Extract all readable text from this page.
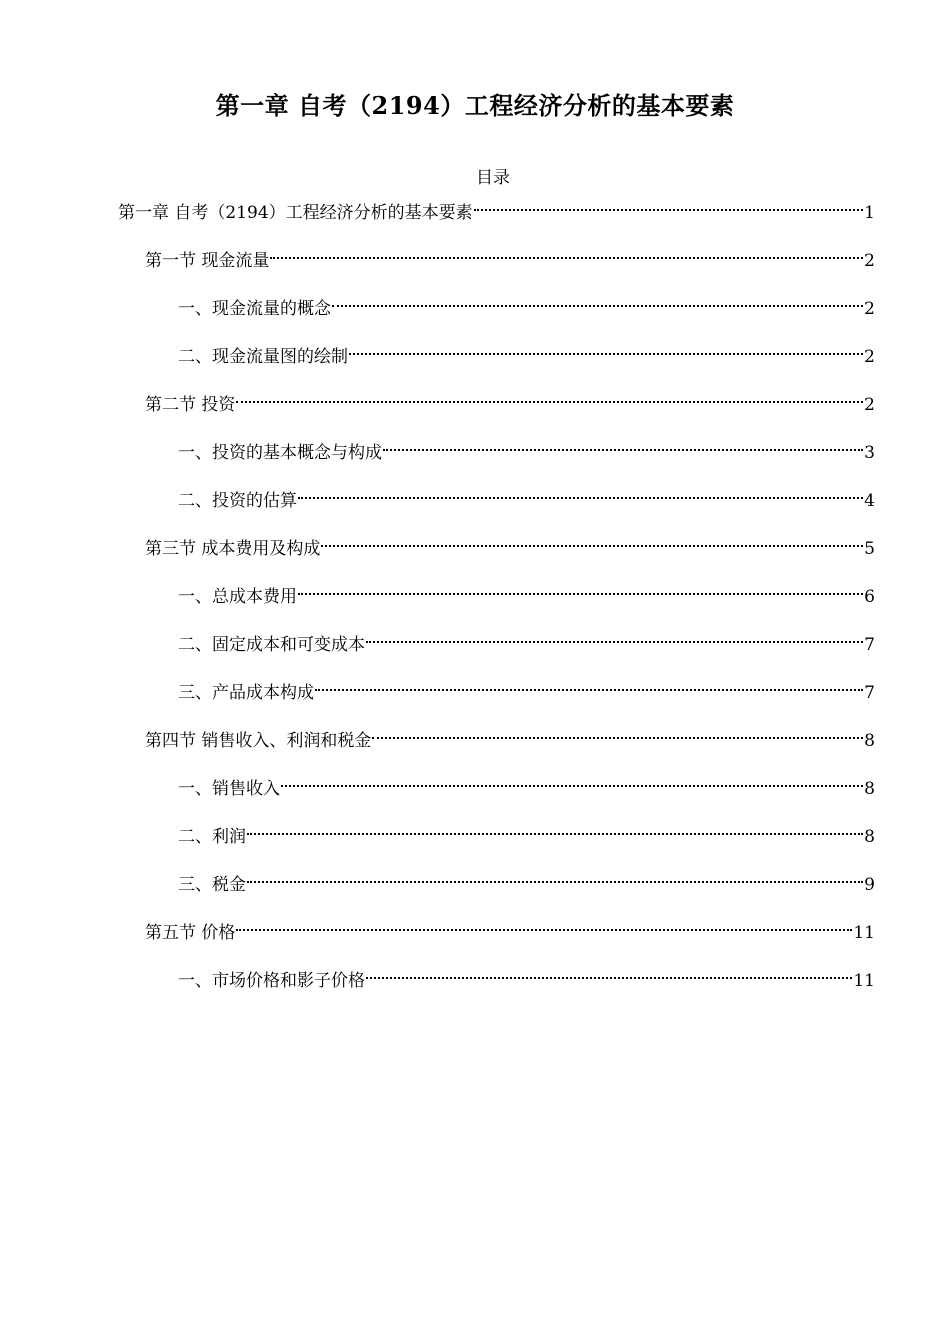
第一章 自考（2194）工程经济分析的基本要素
目录
第一章 自考（2194）工程经济分析的基本要素	1
第一节 现金流量	2
一、现金流量的概念	2
二、现金流量图的绘制	2
第二节 投资	2
一、投资的基本概念与构成	3
二、投资的估算	4
第三节 成本费用及构成	5
一、总成本费用	6
二、固定成本和可变成本	7
三、产品成本构成	7
第四节 销售收入、利润和税金	8
一、销售收入	8
二、利润	8
三、税金	9
第五节 价格	11
一、市场价格和影子价格	11
